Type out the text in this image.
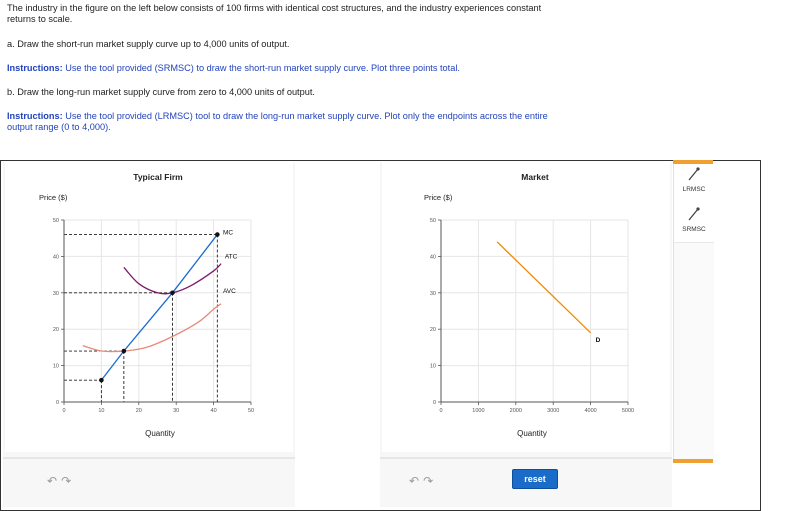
The industry in the figure on the left below consists of 100 firms with identical cost structures, and the industry experiences constant
returns to scale.
a. Draw the short-run market supply curve up to 4,000 units of output.
Instructions: Use the tool provided (SRMSC) to draw the short-run market supply curve. Plot three points total.
b. Draw the long-run market supply curve from zero to 4,000 units of output.
Instructions: Use the tool provided (LRMSC) tool to draw the long-run market supply curve. Plot only the endpoints across the entire
output range (0 to 4,000).
MC
ATC
AVC
0	10	20	30	40	50
0
10
20
30
40
50
Typical Firm
Price ($)
Quantity
D
0	1000	2000	3000	4000	5000
0
10
20
30
40
50
Market
Price ($)
Quantity
↶ ↷	↶ ↷	reset
LRMSC
SRMSC
